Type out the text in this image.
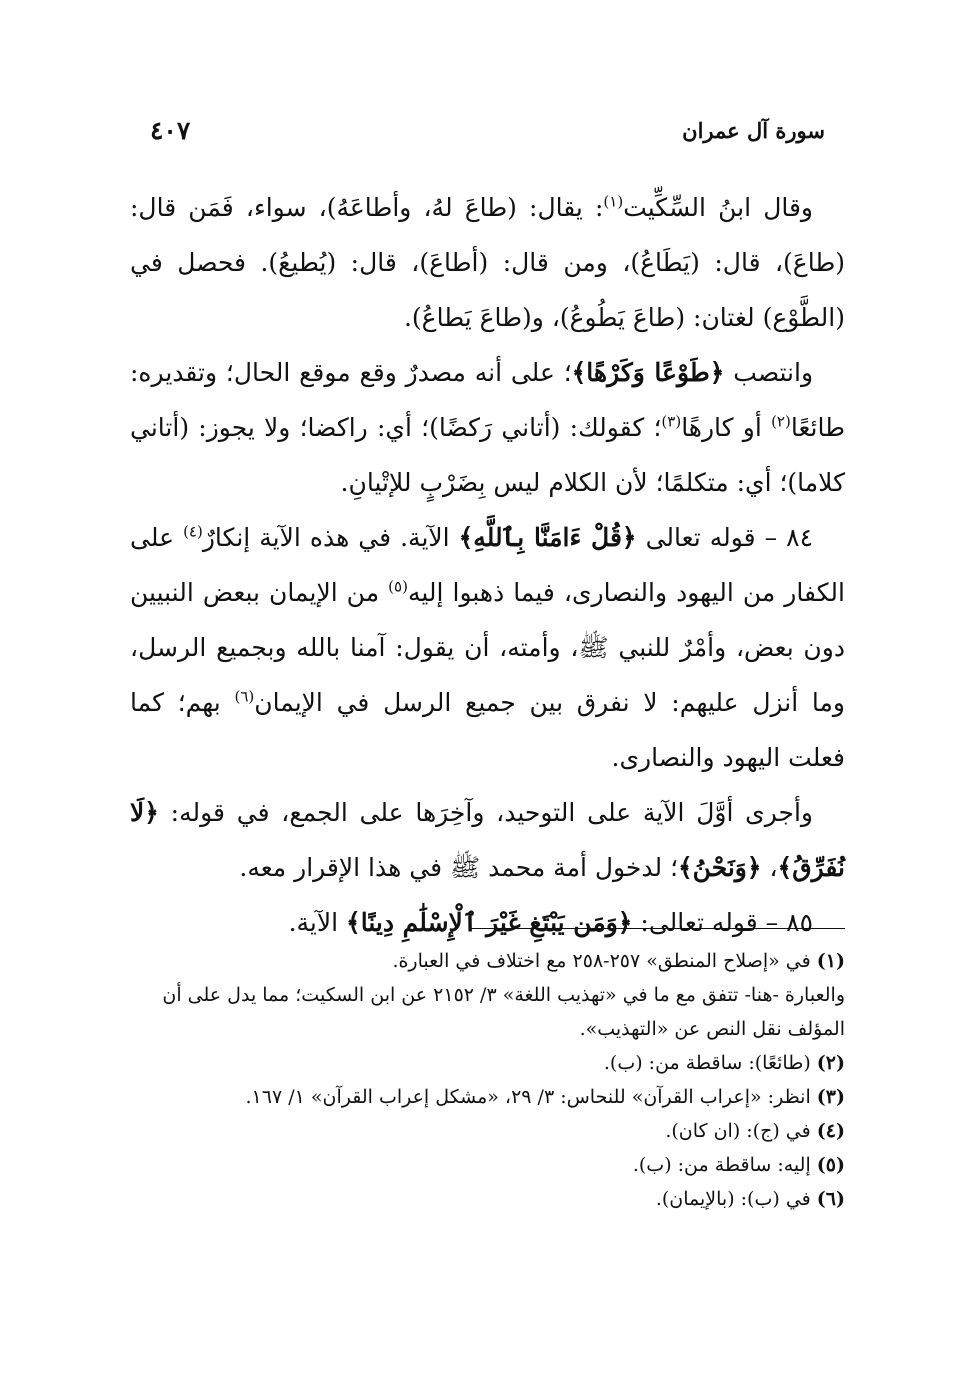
سورة آل عمران
٤٠٧

وقال ابنُ السِّكِّيت$^{(١)}$: يقال: (طاعَ لهُ، وأطاعَهُ)، سواء، فَمَن قال: (طاعَ)، قال: (يَطَاعُ)، ومن قال: (أطاعَ)، قال: (يُطيعُ). فحصل في (الطَّوْع) لغتان: (طاعَ يَطُوعُ)، و(طاعَ يَطاعُ).

وانتصب ﴿طَوْعًا وَكَرْهًا﴾؛ على أنه مصدرٌ وقع موقع الحال؛ وتقديره: طائعًا$^{(٢)}$ أو كارهًا$^{(٣)}$؛ كقولك: (أتاني رَكضًا)؛ أي: راكضا؛ ولا يجوز: (أتاني كلاما)؛ أي: متكلمًا؛ لأن الكلام ليس بِضَرْبٍ للإتْيانِ.

٨٤ – قوله تعالى ﴿قُلْ ءَامَنَّا بِٱللَّهِ﴾ الآية. في هذه الآية إنكارٌ$^{(٤)}$ على الكفار من اليهود والنصارى، فيما ذهبوا إليه$^{(٥)}$ من الإيمان ببعض النبيين دون بعض، وأمْرٌ للنبي ﷺ، وأمته، أن يقول: آمنا بالله وبجميع الرسل، وما أنزل عليهم: لا نفرق بين جميع الرسل في الإيمان$^{(٦)}$ بهم؛ كما فعلت اليهود والنصارى.

وأجرى أوَّلَ الآية على التوحيد، وآخِرَها على الجمع، في قوله: ﴿لَا نُفَرِّقُ﴾، ﴿وَنَحْنُ﴾؛ لدخول أمة محمد ﷺ في هذا الإقرار معه.

٨٥ – قوله تعالى: ﴿وَمَن يَبْتَغِ غَيْرَ ٱلْإِسْلَٰمِ دِينًا﴾ الآية.

(١) في «إصلاح المنطق» ٢٥٧-٢٥٨ مع اختلاف في العبارة.

والعبارة -هنا- تتفق مع ما في «تهذيب اللغة» ٣/ ٢١٥٢ عن ابن السكيت؛ مما يدل على أن المؤلف نقل النص عن «التهذيب».

(٢) (طائعًا): ساقطة من: (ب).

(٣) انظر: «إعراب القرآن» للنحاس: ٣/ ٢٩، «مشكل إعراب القرآن» ١/ ١٦٧.

(٤) في (ج): (ان كان).

(٥) إليه: ساقطة من: (ب).

(٦) في (ب): (بالإيمان).
